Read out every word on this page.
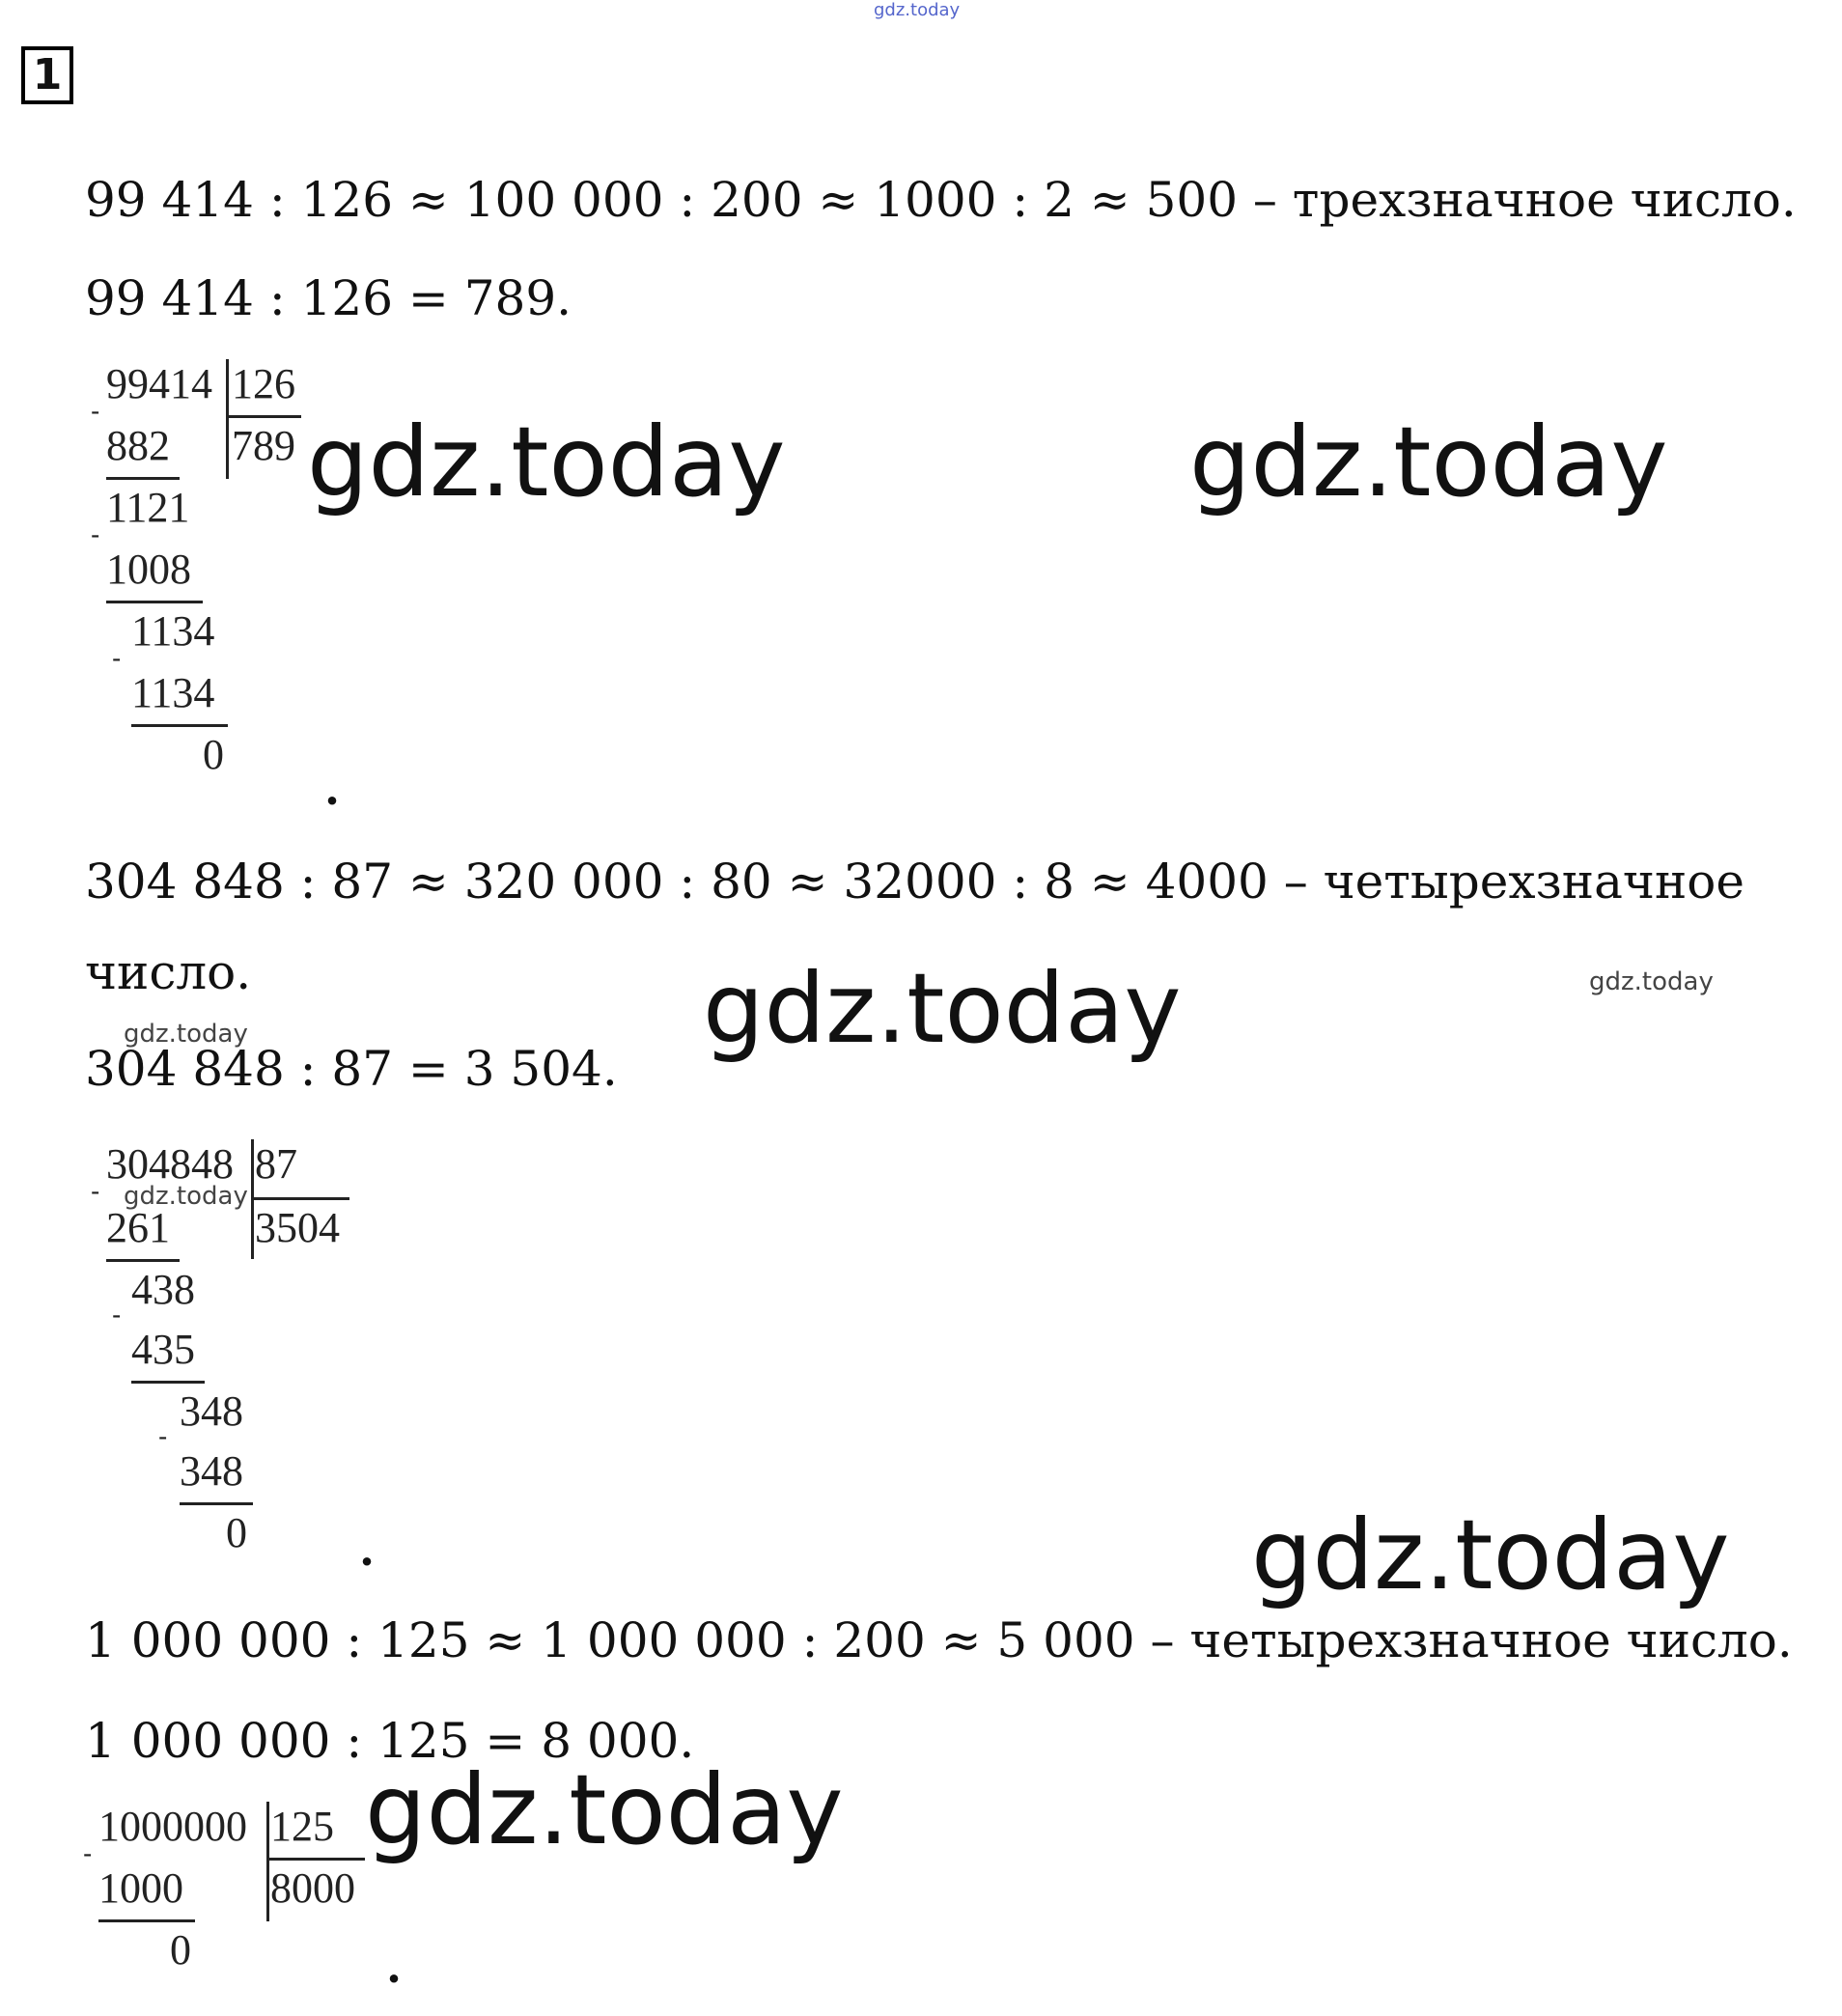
gdz.today
1
99 414 : 126 ≈ 100 000 : 200 ≈ 1000 : 2 ≈ 500 – трехзначное число.
99 414 : 126 = 789.
99414 126
789
-
882
1121
-
1008
1134
-
1134
0
.
gdz.today	gdz.today
304 848 : 87 ≈ 320 000 : 80 ≈ 32000 : 8 ≈ 4000 – четырехзначное
число.
gdz.today
304 848 : 87 = 3 504.
gdz.today	gdz.today
304848 87
3504
- gdz.today
261
438
-
435
348
-
348
0	.	gdz.today
1 000 000 : 125 ≈ 1 000 000 : 200 ≈ 5 000 – четырехзначное число.
1 000 000 : 125 = 8 000.
gdz.today
1000000 125
8000
-
1000
0	.
